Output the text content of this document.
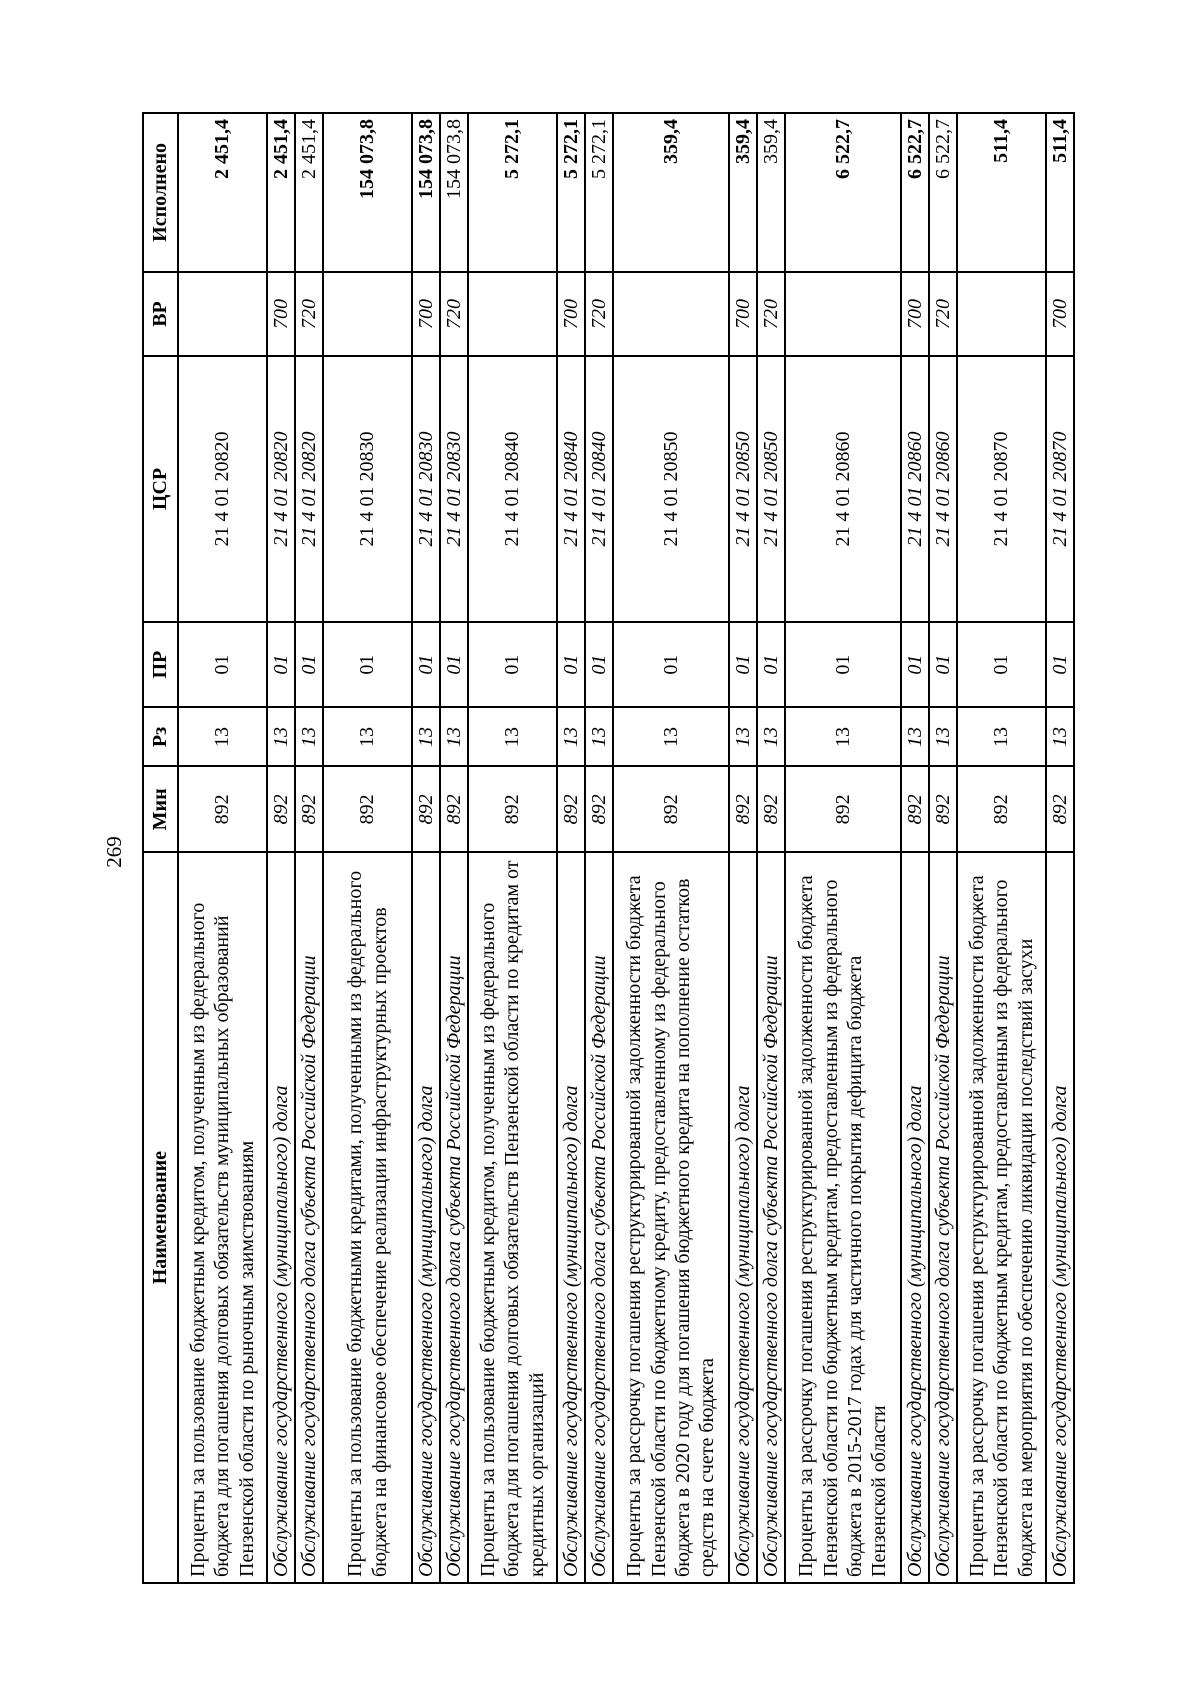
269
Наименование	Мин	Рз	ПР	ЦСР	ВР	Исполнено
Проценты за пользование бюджетным кредитом, полученным из федерального бюджета для погашения долговых обязательств муниципальных образований Пензенской области по рыночным заимствованиям	892	13	01	21 4 01 20820		2 451,4
Обслуживание государственного (муниципального) долга	892	13	01	21 4 01 20820	700	2 451,4
Обслуживание государственного долга субъекта Российской Федерации	892	13	01	21 4 01 20820	720	2 451,4
Проценты за пользование бюджетными кредитами, полученными из федерального бюджета на финансовое обеспечение реализации инфраструктурных проектов	892	13	01	21 4 01 20830		154 073,8
Обслуживание государственного (муниципального) долга	892	13	01	21 4 01 20830	700	154 073,8
Обслуживание государственного долга субъекта Российской Федерации	892	13	01	21 4 01 20830	720	154 073,8
Проценты за пользование бюджетным кредитом, полученным из федерального бюджета для погашения долговых обязательств Пензенской области по кредитам от кредитных организаций	892	13	01	21 4 01 20840		5 272,1
Обслуживание государственного (муниципального) долга	892	13	01	21 4 01 20840	700	5 272,1
Обслуживание государственного долга субъекта Российской Федерации	892	13	01	21 4 01 20840	720	5 272,1
Проценты за рассрочку погашения реструктурированной задолженности бюджета Пензенской области по бюджетному кредиту, предоставленному из федерального бюджета в 2020 году для погашения бюджетного кредита на пополнение остатков средств на счете бюджета	892	13	01	21 4 01 20850		359,4
Обслуживание государственного (муниципального) долга	892	13	01	21 4 01 20850	700	359,4
Обслуживание государственного долга субъекта Российской Федерации	892	13	01	21 4 01 20850	720	359,4
Проценты за рассрочку погашения реструктурированной задолженности бюджета Пензенской области по бюджетным кредитам, предоставленным из федерального бюджета в 2015-2017 годах для частичного покрытия дефицита бюджета Пензенской области	892	13	01	21 4 01 20860		6 522,7
Обслуживание государственного (муниципального) долга	892	13	01	21 4 01 20860	700	6 522,7
Обслуживание государственного долга субъекта Российской Федерации	892	13	01	21 4 01 20860	720	6 522,7
Проценты за рассрочку погашения реструктурированной задолженности бюджета Пензенской области по бюджетным кредитам, предоставленным из федерального бюджета на мероприятия по обеспечению ликвидации последствий засухи	892	13	01	21 4 01 20870		511,4
Обслуживание государственного (муниципального) долга	892	13	01	21 4 01 20870	700	511,4
